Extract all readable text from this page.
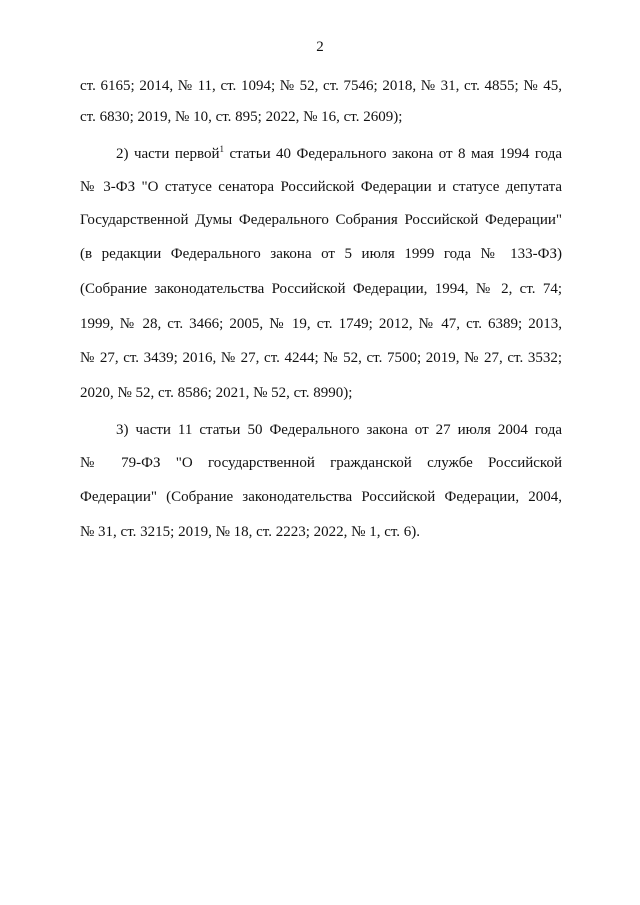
2
ст. 6165; 2014, № 11, ст. 1094; № 52, ст. 7546; 2018, № 31, ст. 4855; № 45,
ст. 6830; 2019, № 10, ст. 895; 2022, № 16, ст. 2609);
2) части первой$^1$ статьи 40 Федерального закона от 8 мая 1994 года
№ 3-ФЗ "О статусе сенатора Российской Федерации и статусе депутата
Государственной Думы Федерального Собрания Российской Федерации"
(в редакции Федерального закона от 5 июля 1999 года № 133-ФЗ)
(Собрание законодательства Российской Федерации, 1994, № 2, ст. 74;
1999, № 28, ст. 3466; 2005, № 19, ст. 1749; 2012, № 47, ст. 6389; 2013,
№ 27, ст. 3439; 2016, № 27, ст. 4244; № 52, ст. 7500; 2019, № 27, ст. 3532;
2020, № 52, ст. 8586; 2021, № 52, ст. 8990);
3) части 11 статьи 50 Федерального закона от 27 июля 2004 года
№ 79-ФЗ "О государственной гражданской службе Российской
Федерации" (Собрание законодательства Российской Федерации, 2004,
№ 31, ст. 3215; 2019, № 18, ст. 2223; 2022, № 1, ст. 6).
